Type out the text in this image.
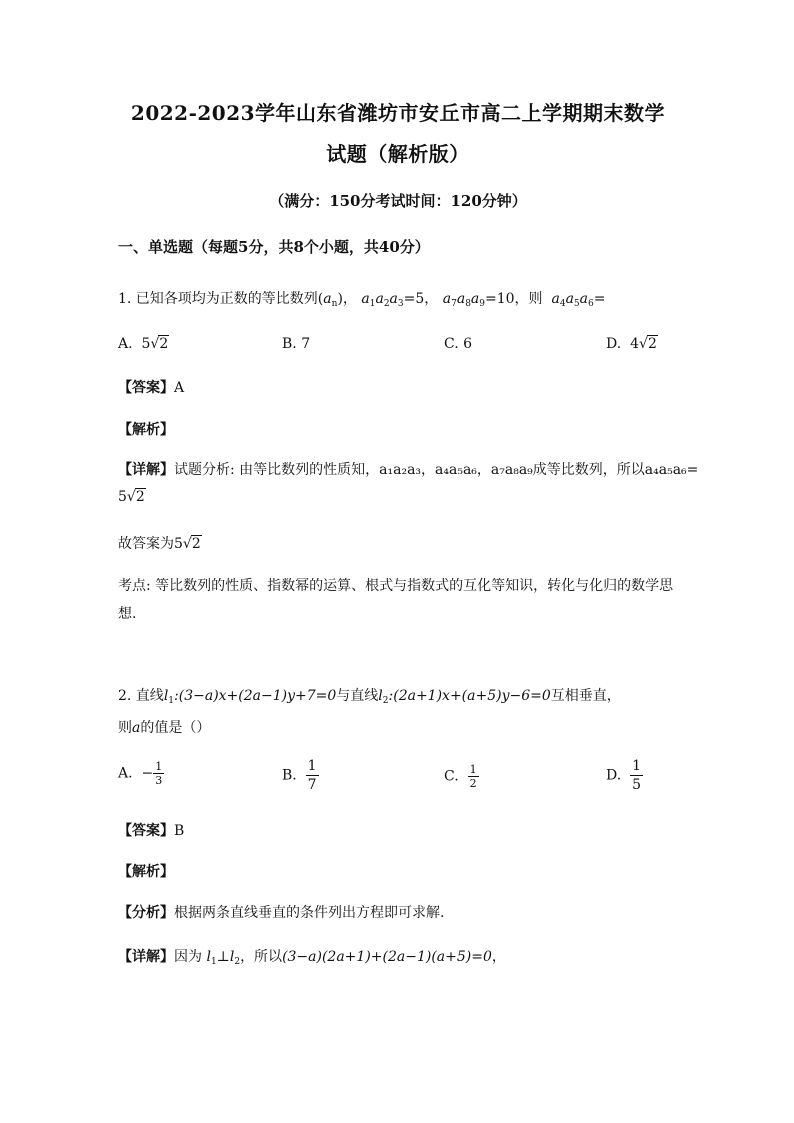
2022-2023学年山东省潍坊市安丘市高二上学期期末数学
试题（解析版）
（满分：150分考试时间：120分钟）
一、单选题（每题5分，共8个小题，共40分）
1. 已知各项均为正数的等比数列$(a_n)$， $a_1a_2a_3=5$， $a_7a_8a_9=10$，则 $a_4a_5a_6=$
A. 5√2	B. 7	C. 6	D. 4√2
【答案】A
【解析】
【详解】试题分析: 由等比数列的性质知，a₁a₂a₃，a₄a₅a₆，a₇a₈a₉成等比数列，所以a₄a₅a₆=
5√2
故答案为5√2
考点: 等比数列的性质、指数幂的运算、根式与指数式的互化等知识，转化与化归的数学思
想.
2. 直线$l_1:(3-a)x+(2a-1)y+7=0$与直线$l_2:(2a+1)x+(a+5)y-6=0$互相垂直，
则a的值是（）
A. − $\frac{1}{3}$	B. $\frac{1}{7}$	C. $\frac{1}{2}$	D. $\frac{1}{5}$
【答案】B
【解析】
【分析】根据两条直线垂直的条件列出方程即可求解.
【详解】因为 $l_1\perp l_2$，所以(3−a)(2a+1)+(2a−1)(a+5)=0，
